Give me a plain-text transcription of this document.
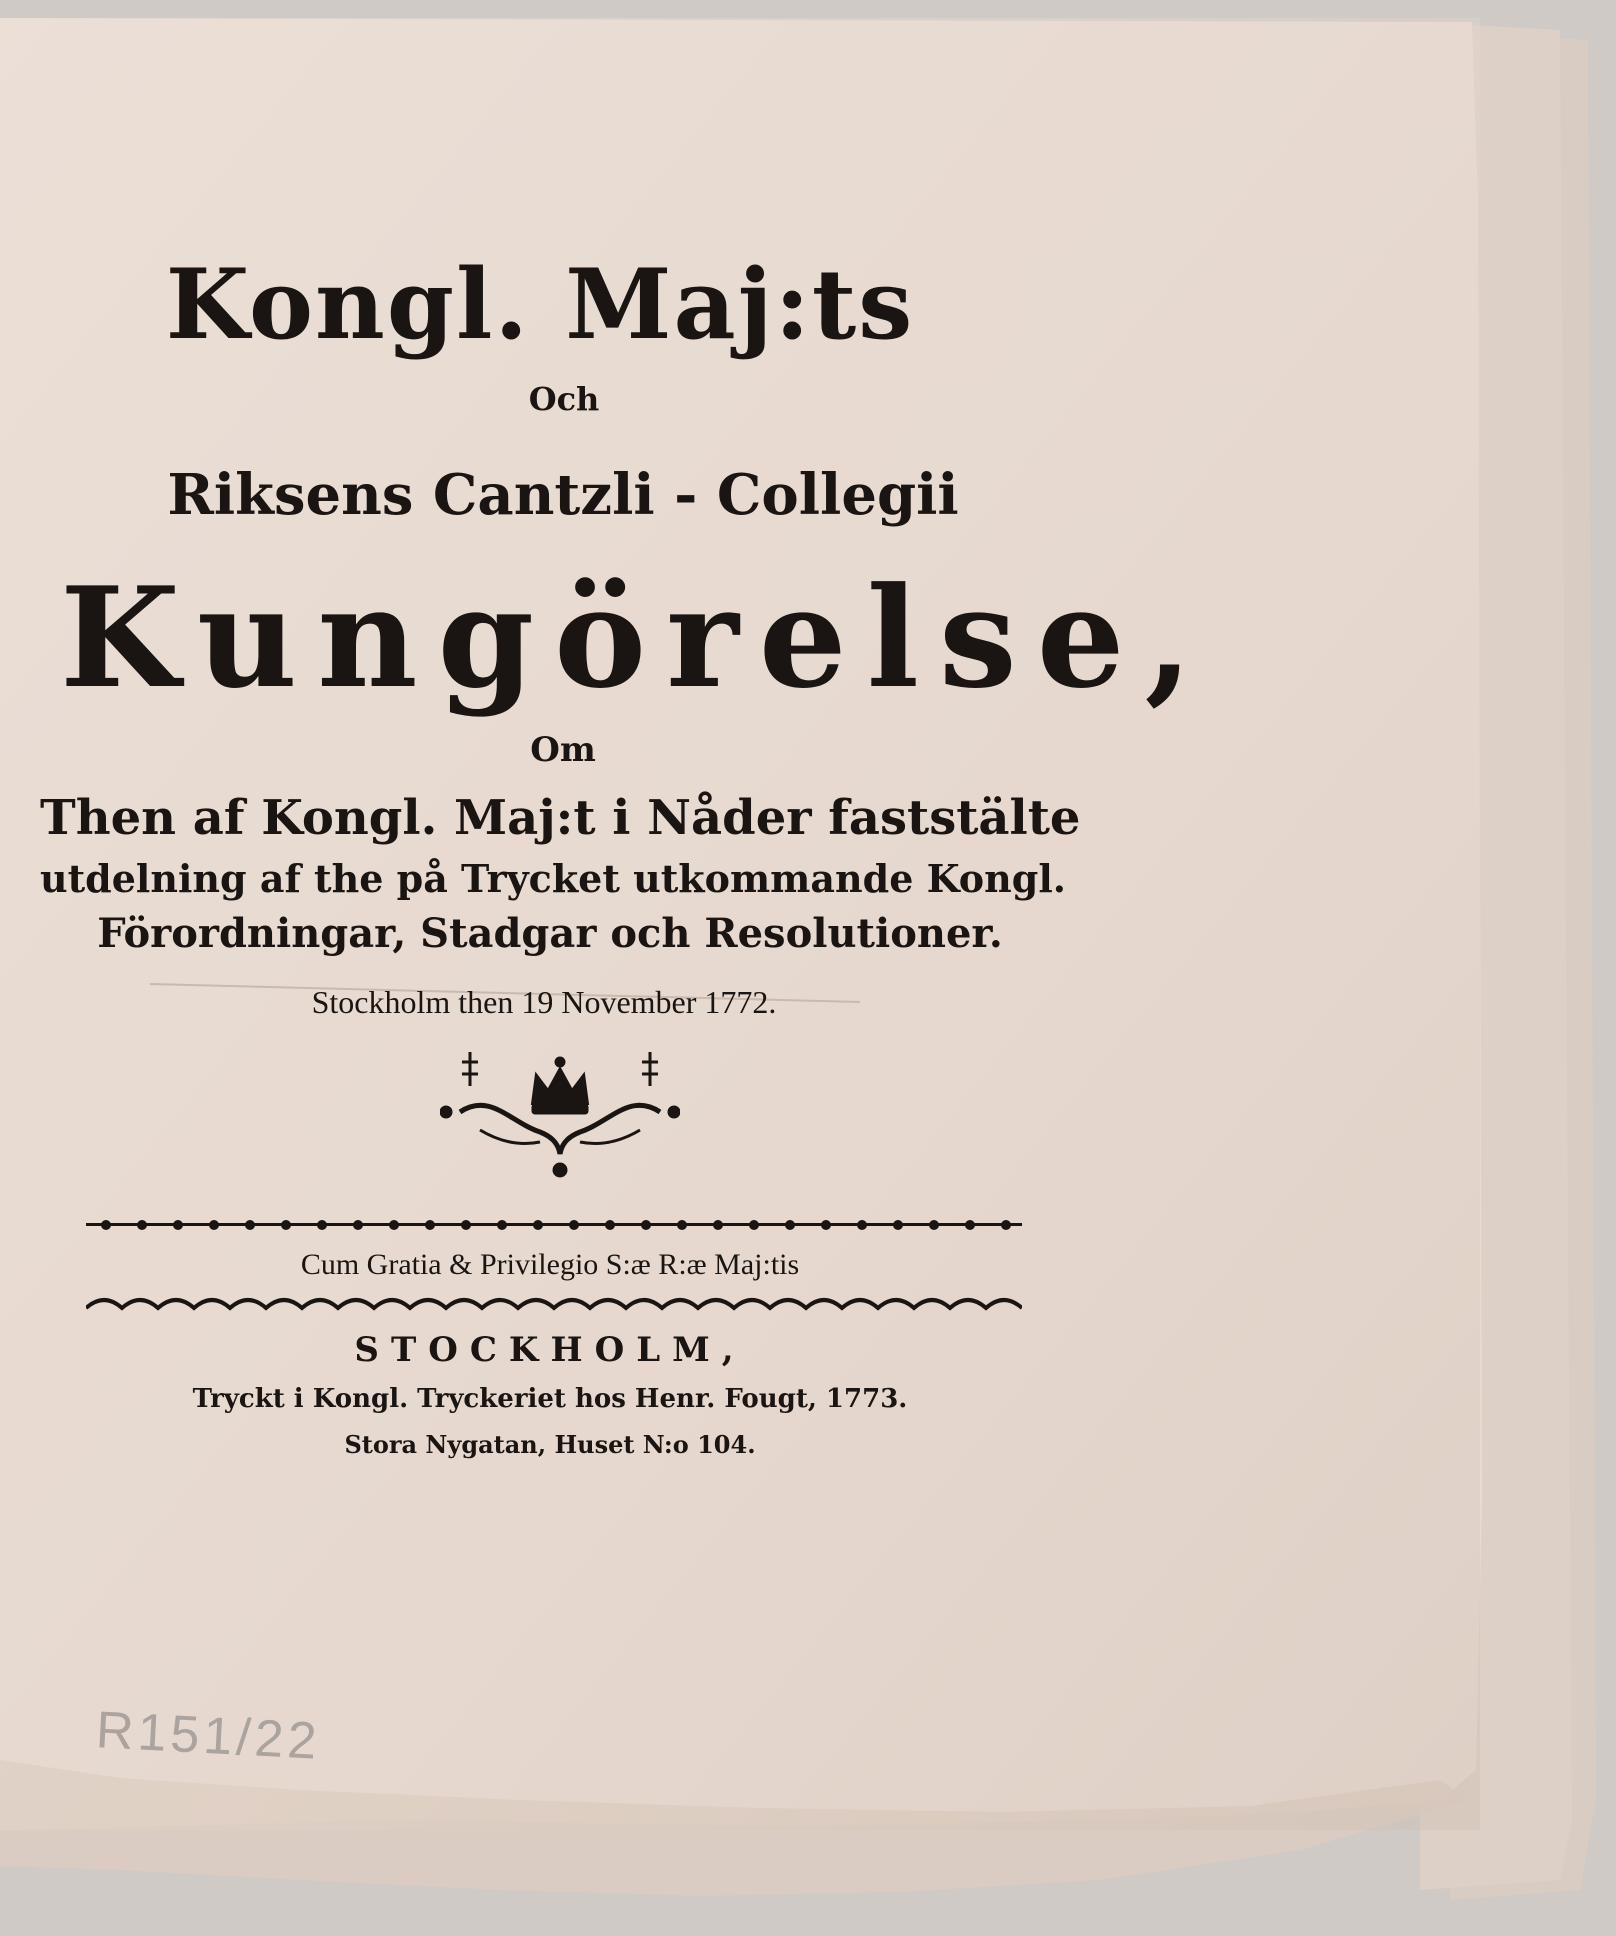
Kongl. Maj:ts
Och
Riksens Cantzli - Collegii
Kungörelse,
Om
Then af Kongl. Maj:t i Nåder faststälte
utdelning af the på Trycket utkommande Kongl.
Förordningar, Stadgar och Resolutioner.
Stockholm then 19 November 1772.
Cum Gratia & Privilegio S:æ R:æ Maj:tis
STOCKHOLM,
Tryckt i Kongl. Tryckeriet hos Henr. Fougt, 1773.
Stora Nygatan, Huset N:o 104.
R151/22
